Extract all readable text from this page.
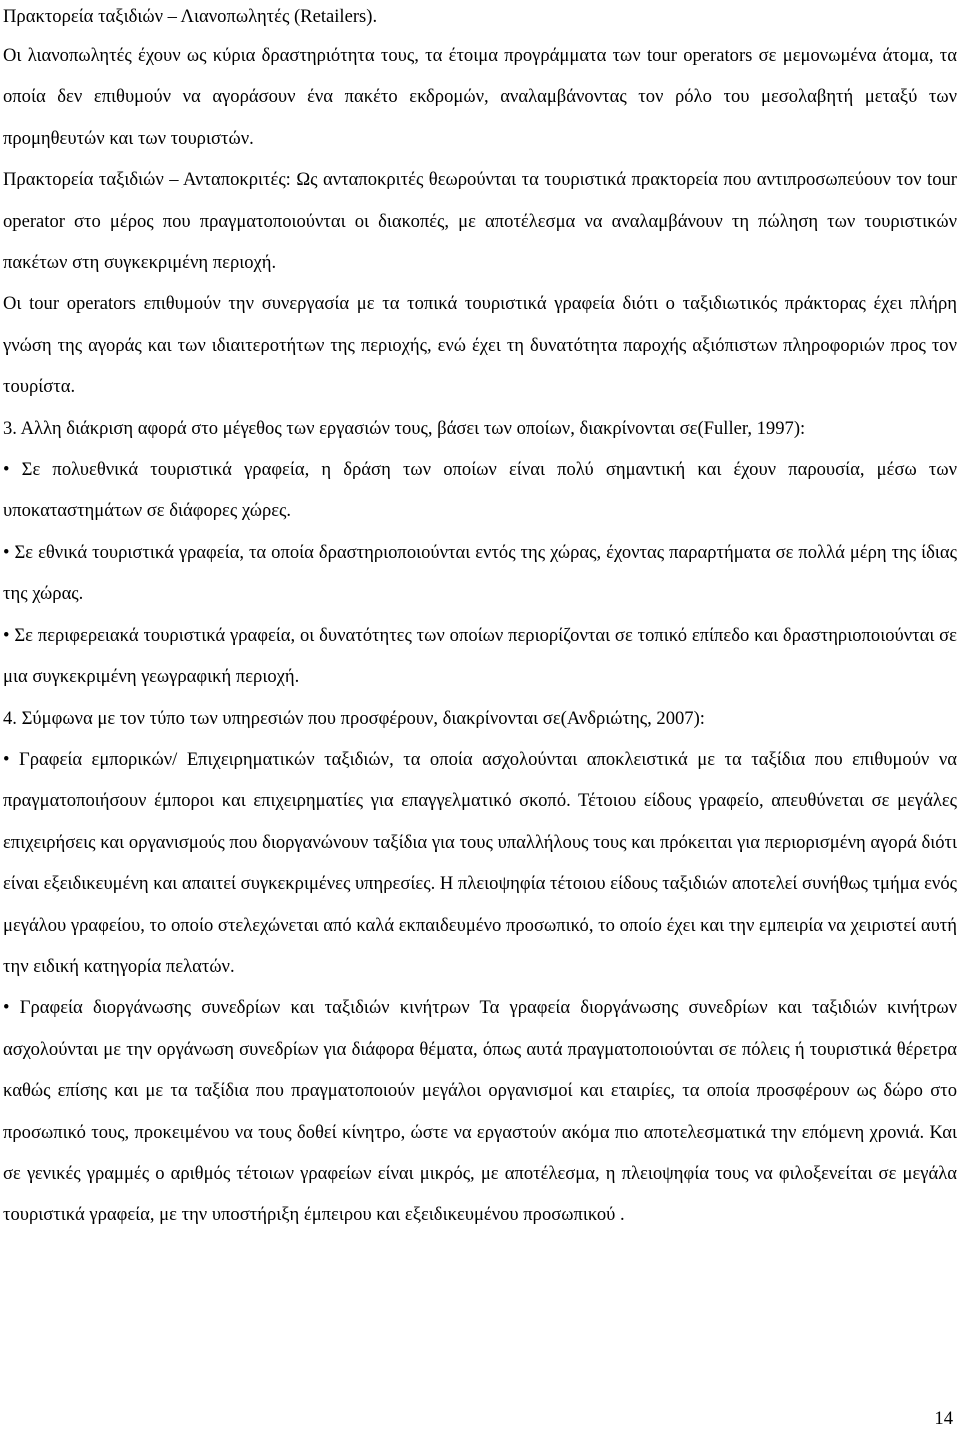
Πρακτορεία ταξιδιών – Λιανοπωλητές (Retailers).

Οι λιανοπωλητές έχουν ως κύρια δραστηριότητα τους, τα έτοιμα προγράμματα των tour operators σε μεμονωμένα άτομα, τα οποία δεν επιθυμούν να αγοράσουν ένα πακέτο εκδρομών, αναλαμβάνοντας τον ρόλο του μεσολαβητή μεταξύ των προμηθευτών και των τουριστών.

Πρακτορεία ταξιδιών – Ανταποκριτές: Ως ανταποκριτές θεωρούνται τα τουριστικά πρακτορεία που αντιπροσωπεύουν τον tour operator στο μέρος που πραγματοποιούνται οι διακοπές, με αποτέλεσμα να αναλαμβάνουν τη πώληση των τουριστικών πακέτων στη συγκεκριμένη περιοχή.

Οι tour operators επιθυμούν την συνεργασία με τα τοπικά τουριστικά γραφεία διότι ο ταξιδιωτικός πράκτορας έχει πλήρη γνώση της αγοράς και των ιδιαιτεροτήτων της περιοχής, ενώ έχει τη δυνατότητα παροχής αξιόπιστων πληροφοριών προς τον τουρίστα.

3. Αλλη διάκριση αφορά στο μέγεθος των εργασιών τους, βάσει των οποίων, διακρίνονται σε(Fuller, 1997):

• Σε πολυεθνικά τουριστικά γραφεία, η δράση των οποίων είναι πολύ σημαντική και έχουν παρουσία, μέσω των υποκαταστημάτων σε διάφορες χώρες.

• Σε εθνικά τουριστικά γραφεία, τα οποία δραστηριοποιούνται εντός της χώρας, έχοντας παραρτήματα σε πολλά μέρη της ίδιας της χώρας.

• Σε περιφερειακά τουριστικά γραφεία, οι δυνατότητες των οποίων περιορίζονται σε τοπικό επίπεδο και δραστηριοποιούνται σε μια συγκεκριμένη γεωγραφική περιοχή.

4. Σύμφωνα με τον τύπο των υπηρεσιών που προσφέρουν, διακρίνονται σε(Ανδριώτης, 2007):

• Γραφεία εμπορικών/ Επιχειρηματικών ταξιδιών, τα οποία ασχολούνται αποκλειστικά με τα ταξίδια που επιθυμούν να πραγματοποιήσουν έμποροι και επιχειρηματίες για επαγγελματικό σκοπό. Τέτοιου είδους γραφείο, απευθύνεται σε μεγάλες επιχειρήσεις και οργανισμούς που διοργανώνουν ταξίδια για τους υπαλλήλους τους και πρόκειται για περιορισμένη αγορά διότι είναι εξειδικευμένη και απαιτεί συγκεκριμένες υπηρεσίες. Η πλειοψηφία τέτοιου είδους ταξιδιών αποτελεί συνήθως τμήμα ενός μεγάλου γραφείου, το οποίο στελεχώνεται από καλά εκπαιδευμένο προσωπικό, το οποίο έχει και την εμπειρία να χειριστεί αυτή την ειδική κατηγορία πελατών.

• Γραφεία διοργάνωσης συνεδρίων και ταξιδιών κινήτρων Τα γραφεία διοργάνωσης συνεδρίων και ταξιδιών κινήτρων ασχολούνται με την οργάνωση συνεδρίων για διάφορα θέματα, όπως αυτά πραγματοποιούνται σε πόλεις ή τουριστικά θέρετρα καθώς επίσης και με τα ταξίδια που πραγματοποιούν μεγάλοι οργανισμοί και εταιρίες, τα οποία προσφέρουν ως δώρο στο προσωπικό τους, προκειμένου να τους δοθεί κίνητρο, ώστε να εργαστούν ακόμα πιο αποτελεσματικά την επόμενη χρονιά. Και σε γενικές γραμμές ο αριθμός τέτοιων γραφείων είναι μικρός, με αποτέλεσμα, η πλειοψηφία τους να φιλοξενείται σε μεγάλα τουριστικά γραφεία, με την υποστήριξη έμπειρου και εξειδικευμένου προσωπικού .

14
